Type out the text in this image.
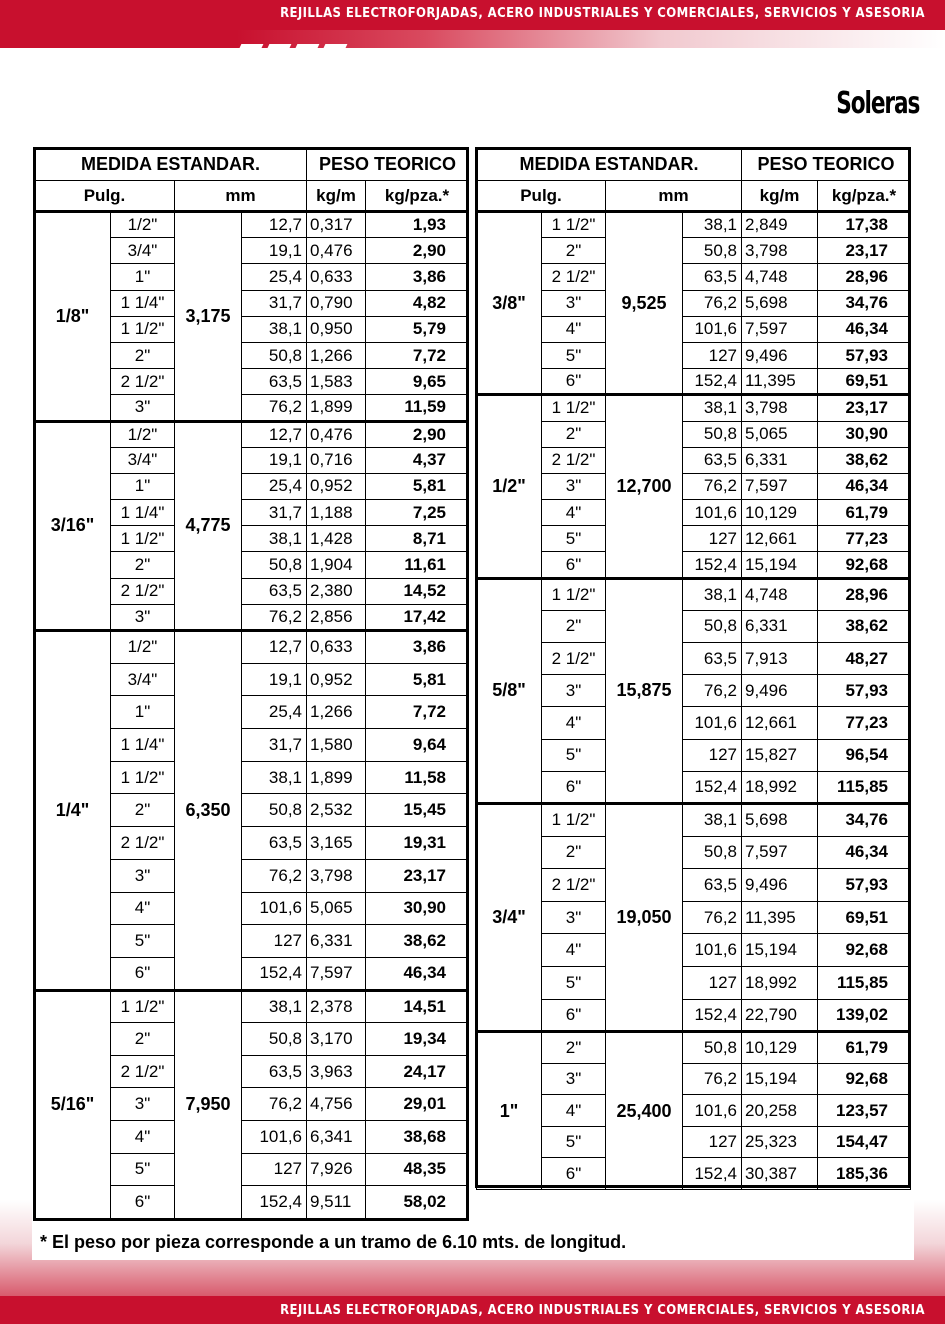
REJILLAS ELECTROFORJADAS, ACERO INDUSTRIALES Y COMERCIALES, SERVICIOS Y ASESORIA
Soleras
REJILLAS ELECTROFORJADAS, ACERO INDUSTRIALES Y COMERCIALES, SERVICIOS Y ASESORIA
MEDIDA ESTANDAR.				PESO TEORICO	
Pulg.		mm		kg/m	kg/pza.*
1/8"	1/2"	3,175	12,7	0,317	1,93
	3/4"		19,1	0,476	2,90
	1"		25,4	0,633	3,86
	1 1/4"		31,7	0,790	4,82
	1 1/2"		38,1	0,950	5,79
	2"		50,8	1,266	7,72
	2 1/2"		63,5	1,583	9,65
	3"		76,2	1,899	11,59
3/16"	1/2"	4,775	12,7	0,476	2,90
	3/4"		19,1	0,716	4,37
	1"		25,4	0,952	5,81
	1 1/4"		31,7	1,188	7,25
	1 1/2"		38,1	1,428	8,71
	2"		50,8	1,904	11,61
	2 1/2"		63,5	2,380	14,52
	3"		76,2	2,856	17,42
1/4"	1/2"	6,350	12,7	0,633	3,86
	3/4"		19,1	0,952	5,81
	1"		25,4	1,266	7,72
	1 1/4"		31,7	1,580	9,64
	1 1/2"		38,1	1,899	11,58
	2"		50,8	2,532	15,45
	2 1/2"		63,5	3,165	19,31
	3"		76,2	3,798	23,17
	4"		101,6	5,065	30,90
	5"		127	6,331	38,62
	6"		152,4	7,597	46,34
5/16"	1 1/2"	7,950	38,1	2,378	14,51
	2"		50,8	3,170	19,34
	2 1/2"		63,5	3,963	24,17
	3"		76,2	4,756	29,01
	4"		101,6	6,341	38,68
	5"		127	7,926	48,35
	6"		152,4	9,511	58,02
MEDIDA ESTANDAR.				PESO TEORICO	
Pulg.		mm		kg/m	kg/pza.*
3/8"	1 1/2"	9,525	38,1	2,849	17,38
	2"		50,8	3,798	23,17
	2 1/2"		63,5	4,748	28,96
	3"		76,2	5,698	34,76
	4"		101,6	7,597	46,34
	5"		127	9,496	57,93
	6"		152,4	11,395	69,51
1/2"	1 1/2"	12,700	38,1	3,798	23,17
	2"		50,8	5,065	30,90
	2 1/2"		63,5	6,331	38,62
	3"		76,2	7,597	46,34
	4"		101,6	10,129	61,79
	5"		127	12,661	77,23
	6"		152,4	15,194	92,68
5/8"	1 1/2"	15,875	38,1	4,748	28,96
	2"		50,8	6,331	38,62
	2 1/2"		63,5	7,913	48,27
	3"		76,2	9,496	57,93
	4"		101,6	12,661	77,23
	5"		127	15,827	96,54
	6"		152,4	18,992	115,85
3/4"	1 1/2"	19,050	38,1	5,698	34,76
	2"		50,8	7,597	46,34
	2 1/2"		63,5	9,496	57,93
	3"		76,2	11,395	69,51
	4"		101,6	15,194	92,68
	5"		127	18,992	115,85
	6"		152,4	22,790	139,02
1"	2"	25,400	50,8	10,129	61,79
	3"		76,2	15,194	92,68
	4"		101,6	20,258	123,57
	5"		127	25,323	154,47
	6"		152,4	30,387	185,36
* El peso por pieza corresponde a un tramo de 6.10 mts. de longitud.
